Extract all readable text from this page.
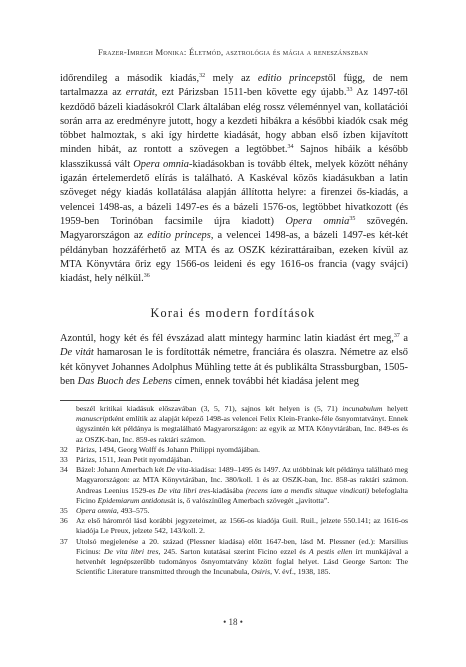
Frazer-Imregh Monika: Életmód, asztrológia és mágia a reneszánszban

időrendileg a második kiadás,$^{32}$ mely az editio princepstől függ, de nem tartalmazza az erratát, ezt Párizsban 1511-ben követte egy újabb.$^{33}$ Az 1497-től kezdődő bázeli kiadásokról Clark általában elég rossz véleménnyel van, kollatációi során arra az eredményre jutott, hogy a kezdeti hibákra a későbbi kiadók csak még többet halmoztak, s aki így hirdette kiadását, hogy abban első ízben kijavított minden hibát, az rontott a szövegen a legtöbbet.$^{34}$ Sajnos hibáik a később klasszikussá vált Opera omnia-kiadásokban is tovább éltek, melyek között néhány igazán értelemerdető elírás is található. A Kaskéval közös kiadásukban a latin szöveget négy kiadás kollatálása alapján állította helyre: a firenzei ős-kiadás, a velencei 1498-as, a bázeli 1497-es és a bázeli 1576-os, legtöbbet hivatkozott (és 1959-ben Torinóban facsimile újra kiadott) Opera omnia$^{35}$ szövegén. Magyarországon az editio princeps, a velencei 1498-as, a bázeli 1497-es két-két példányban hozzáférhető az MTA és az OSZK kézirattáraiban, ezeken kívül az MTA Könyvtára őriz egy 1566-os leideni és egy 1616-os francia (vagy svájci) kiadást, hely nélkül.$^{36}$

Korai és modern fordítások

Azontúl, hogy két és fél évszázad alatt mintegy harminc latin kiadást ért meg,$^{37}$ a De vitát hamarosan le is fordították németre, franciára és olaszra. Németre az első két könyvet Johannes Adolphus Mühling tette át és publikálta Strassburgban, 1505-ben Das Buoch des Lebens címen, ennek további hét kiadása jelent meg

beszél kritikai kiadásuk előszavában (3, 5, 71), sajnos két helyen is (5, 71) incunabulum helyett manuscriptként említik az alapját képező 1498-as velencei Felix Klein-Franke-féle ősnyomtatványt. Ennek úgyszintén két példánya is megtalálható Magyarországon: az egyik az MTA Könyvtárában, Inc. 849-es és az OSZK-ban, Inc. 859-es raktári számon.

32 Párizs, 1494, Georg Wolff és Johann Philippi nyomdájában.

33 Párizs, 1511, Jean Petit nyomdájában.

34 Bázel: Johann Amerbach két De vita-kiadása: 1489–1495 és 1497. Az utóbbinak két példánya található meg Magyarországon: az MTA Könyvtárában, Inc. 380/koll. 1 és az OSZK-ban, Inc. 858-as raktári számon. Andreas Leenius 1529-es De vita libri tres-kiadásába (recens iam a mendis situque vindicati) belefoglalta Ficino Epidemiarum antidotusát is, ő valószínűleg Amerbach szövegét „javította”.

35 Opera omnia, 493–575.

36 Az első háromról lásd korábbi jegyzeteimet, az 1566-os kiadója Guil. Ruil., jelzete 550.141; az 1616-os kiadója Le Preux, jelzete 542, 143/koll. 2.

37 Utolsó megjelenése a 20. század (Plessner kiadása) előtt 1647-ben, lásd M. Plessner (ed.): Marsilius Ficinus: De vita libri tres, 245. Sarton kutatásai szerint Ficino ezzel és A pestis ellen írt munkájával a hetvenhét legnépszerűbb tudományos ősnyomtatvány között foglal helyet. Lásd George Sarton: The Scientific Literature transmitted through the Incunabula, Osiris, V. évf., 1938, 185.

• 18 •
